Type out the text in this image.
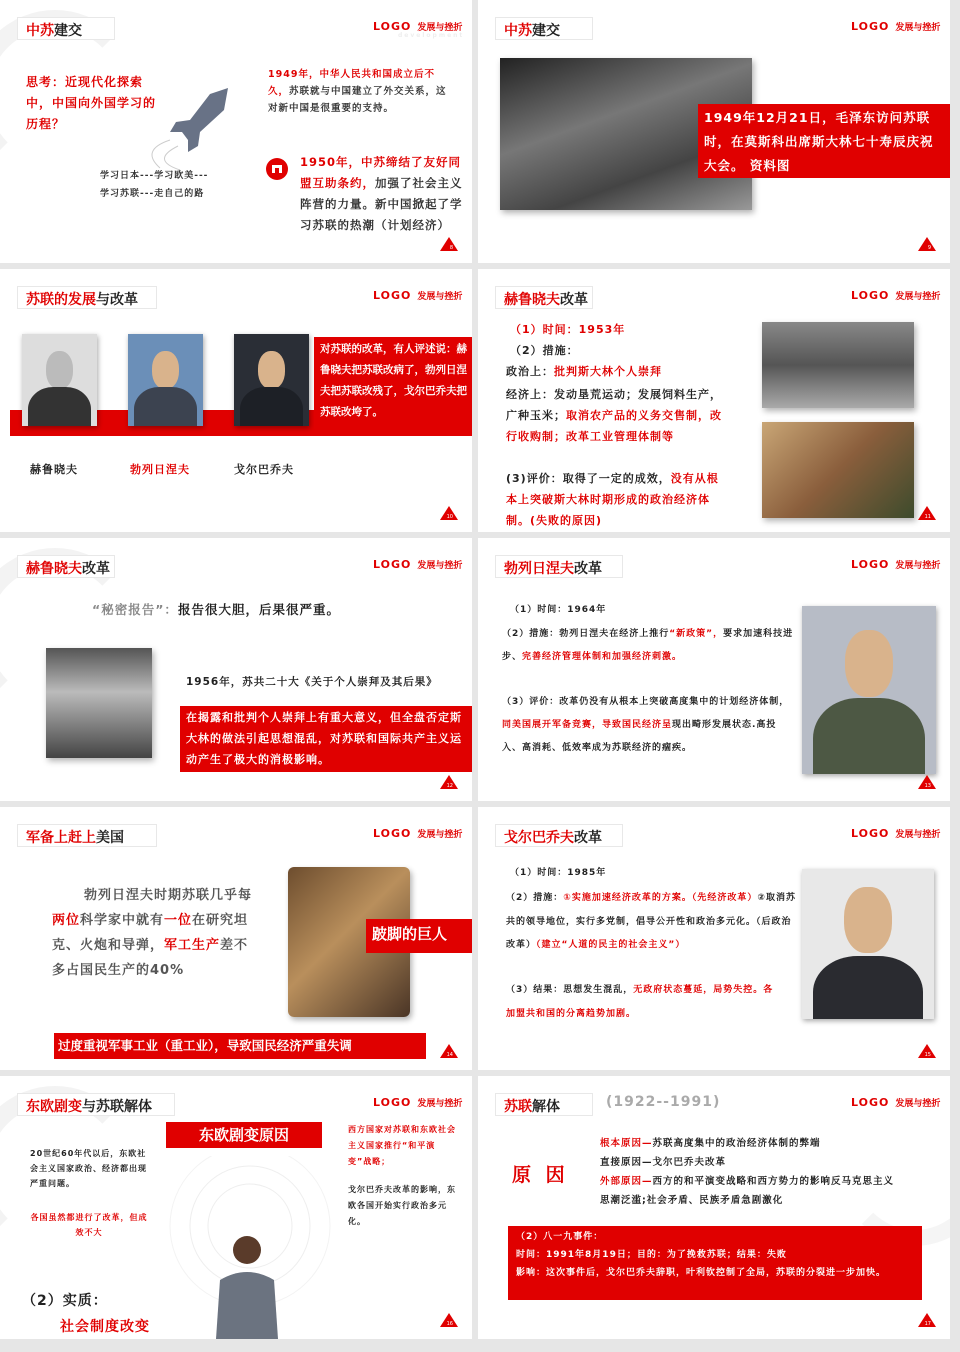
中苏建交	LOGO 发展与挫折
development
思考：近现代化探索中，中国向外国学习的历程？
学习日本---学习欧美---
学习苏联---走自己的路
1949年，中华人民共和国成立后不久，苏联就与中国建立了外交关系，这对新中国是很重要的支持。
1950年，中苏缔结了友好同盟互助条约，加强了社会主义阵营的力量。新中国掀起了学习苏联的热潮（计划经济）
8
中苏建交	LOGO 发展与挫折
1949年12月21日，毛泽东访问苏联时，在莫斯科出席斯大林七十寿辰庆祝大会。 资料图
9
苏联的发展与改革	LOGO 发展与挫折
赫鲁晓夫	勃列日涅夫	戈尔巴乔夫
对苏联的改革，有人评述说：赫鲁晓夫把苏联改病了，勃列日涅夫把苏联改残了，戈尔巴乔夫把苏联改垮了。
10
赫鲁晓夫改革	LOGO 发展与挫折
（1）时间：1953年
（2）措施：
政治上：批判斯大林个人崇拜
经济上：发动垦荒运动；发展饲料生产，广种玉米；取消农产品的义务交售制，改行收购制；改革工业管理体制等
(3)评价：取得了一定的成效，没有从根本上突破斯大林时期形成的政治经济体制。(失败的原因)	11
赫鲁晓夫改革	LOGO 发展与挫折
“秘密报告”：报告很大胆，后果很严重。
1956年，苏共二十大《关于个人崇拜及其后果》
在揭露和批判个人崇拜上有重大意义，但全盘否定斯大林的做法引起思想混乱，对苏联和国际共产主义运动产生了极大的消极影响。
12
勃列日涅夫改革	LOGO 发展与挫折
（1）时间：1964年
（2）措施：勃列日涅夫在经济上推行“新政策”，要求加速科技进步、完善经济管理体制和加强经济刺激。
（3）评价：改革仍没有从根本上突破高度集中的计划经济体制，同美国展开军备竞赛，导致国民经济呈现出畸形发展状态.高投入、高消耗、低效率成为苏联经济的痼疾。
13
军备上赶上美国	LOGO 发展与挫折
勃列日涅夫时期苏联几乎每两位科学家中就有一位在研究坦克、火炮和导弹，军工生产差不多占国民生产的40%
跛脚的巨人
过度重视军事工业（重工业），导致国民经济严重失调
14
戈尔巴乔夫改革	LOGO 发展与挫折
（1）时间：1985年
（2）措施：①实施加速经济改革的方案。（先经济改革）②取消苏共的领导地位，实行多党制，倡导公开性和政治多元化。（后政治改革）（建立“人道的民主的社会主义”）
（3）结果：思想发生混乱，无政府状态蔓延，局势失控。各加盟共和国的分离趋势加剧。
15
东欧剧变与苏联解体	LOGO 发展与挫折
东欧剧变原因
20世纪60年代以后，东欧社会主义国家政治、经济都出现严重问题。
各国虽然都进行了改革，但成效不大
西方国家对苏联和东欧社会主义国家推行“和平演变”战略；
戈尔巴乔夫改革的影响，东欧各国开始实行政治多元化。
（2）实质：
社会制度改变	16
苏联解体	LOGO 发展与挫折
(1922--1991)
原 因
根本原因—苏联高度集中的政治经济体制的弊端
直接原因—戈尔巴乔夫改革
外部原因—西方的和平演变战略和西方势力的影响反马克思主义思潮泛滥;社会矛盾、民族矛盾急剧激化
（2）八一九事件：
时间：1991年8月19日；目的：为了挽救苏联；结果：失败
影响：这次事件后，戈尔巴乔夫辞职，叶利钦控制了全局，苏联的分裂进一步加快。
17
